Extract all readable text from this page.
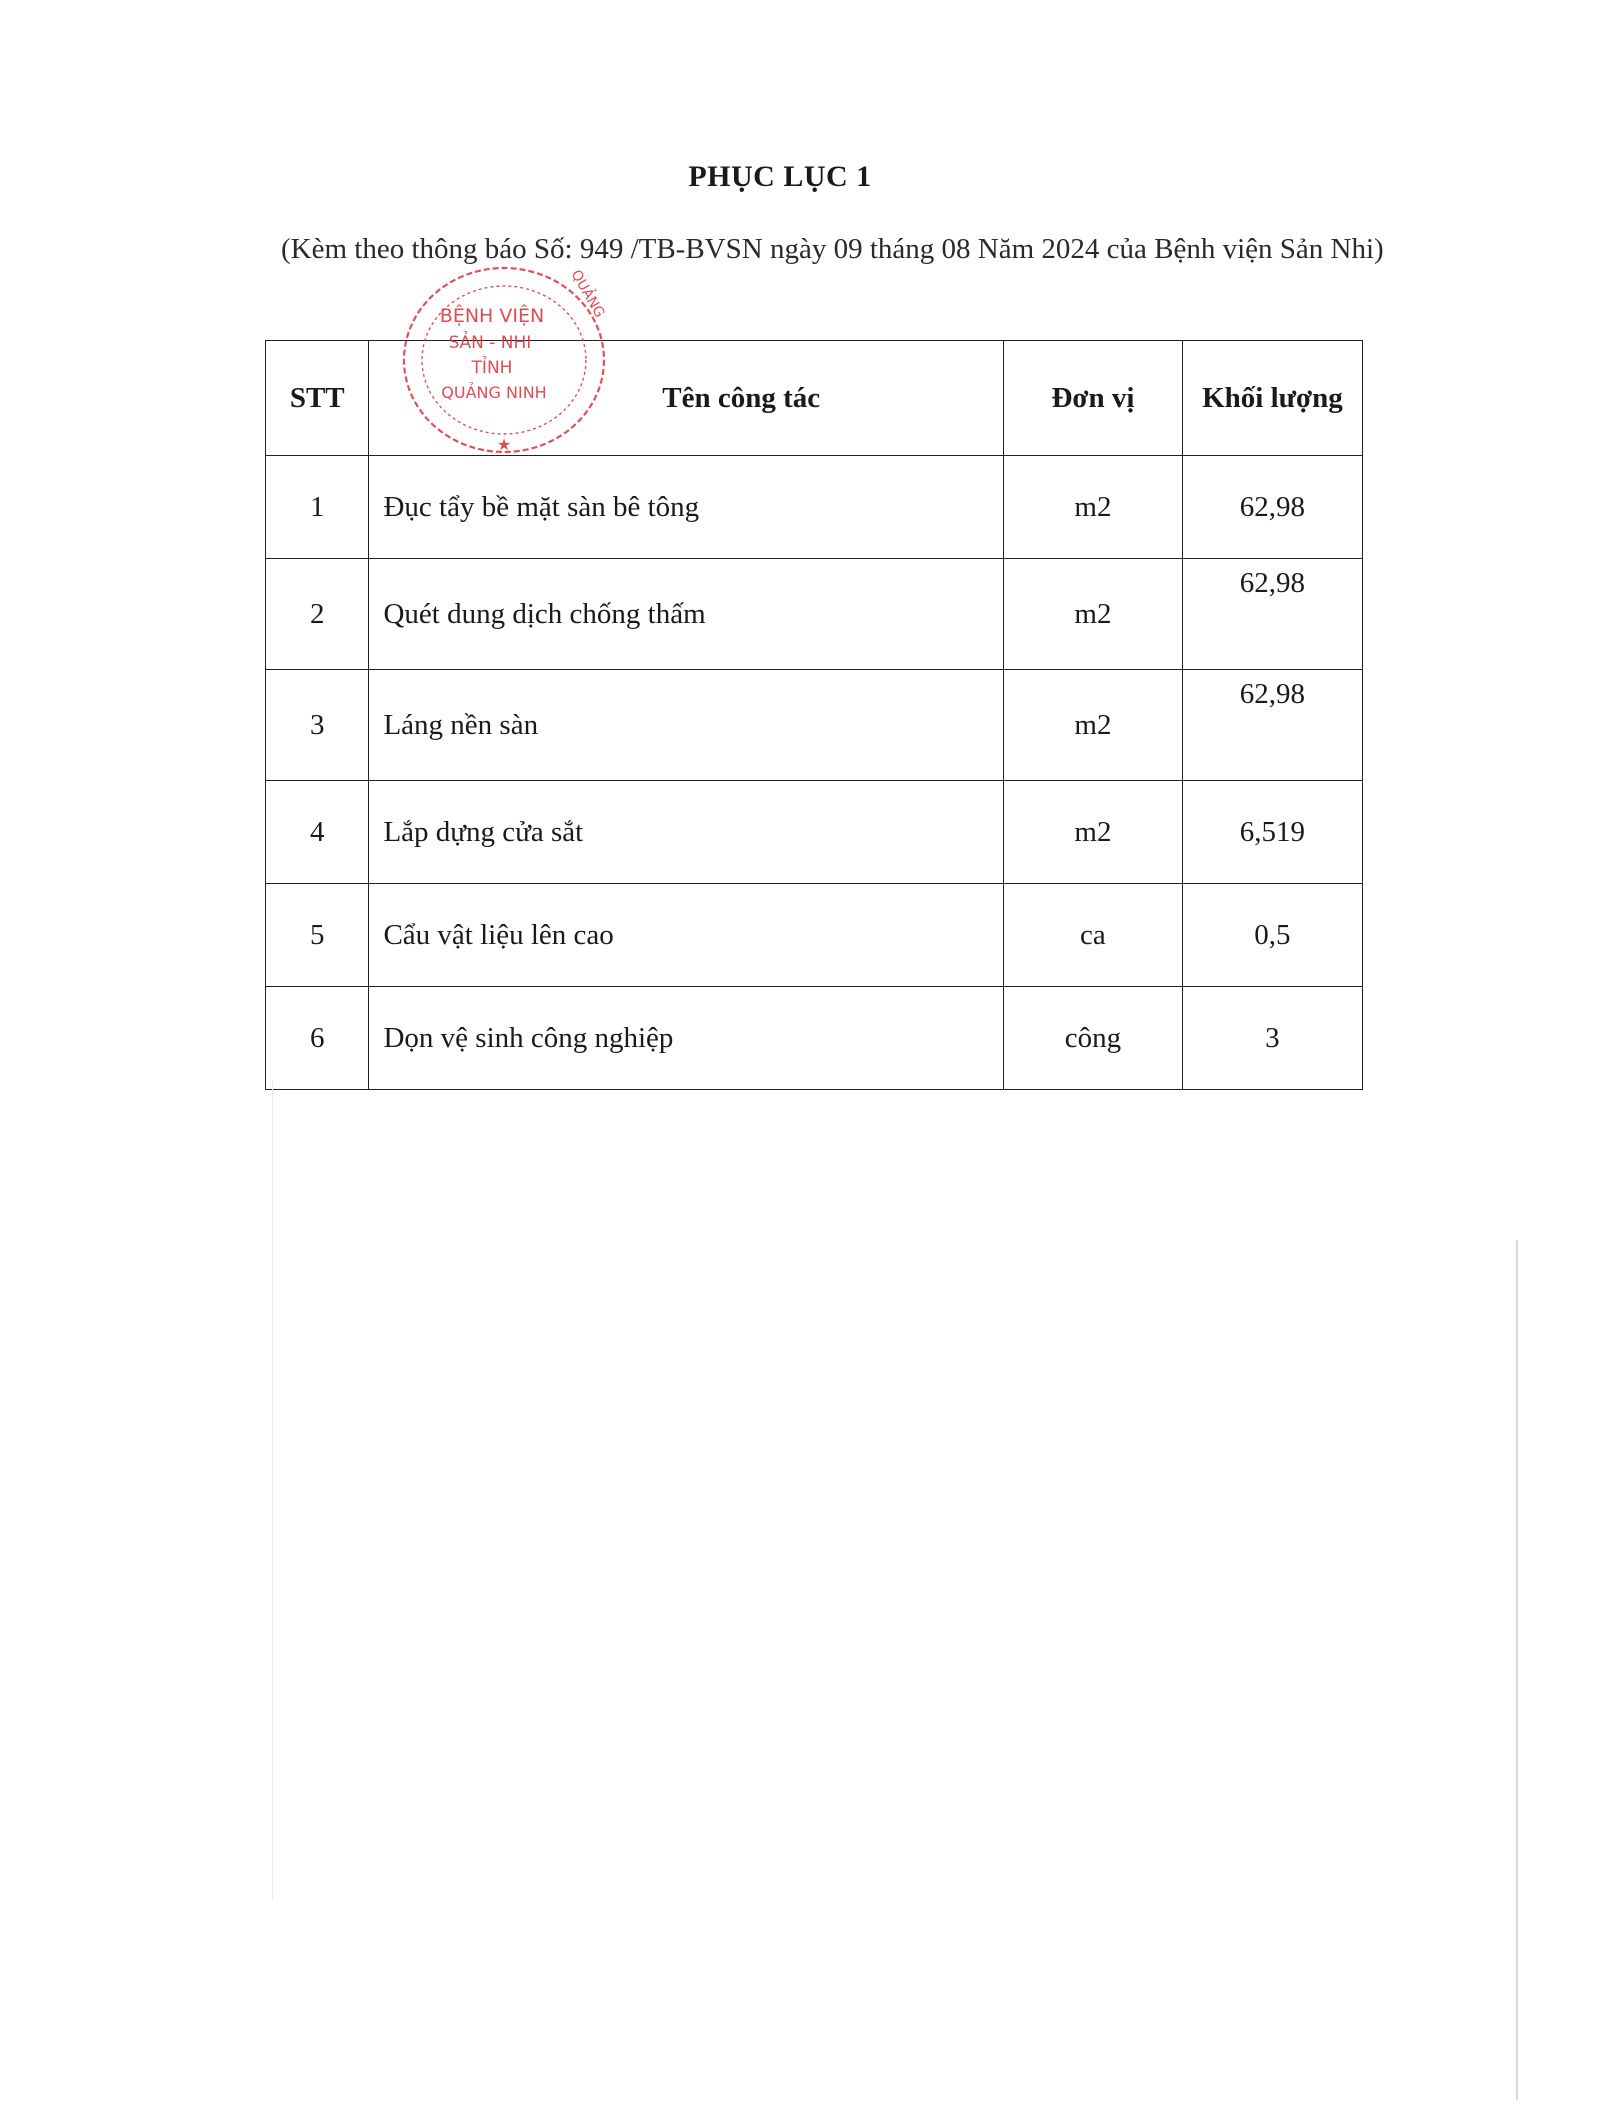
PHỤC LỤC 1
(Kèm theo thông báo Số: 949 /TB-BVSN ngày 09 tháng 08 Năm 2024 của Bệnh viện Sản Nhi)
STT	Tên công tác	Đơn vị	Khối lượng
1	Đục tẩy bề mặt sàn bê tông	m2	62,98
2	Quét dung dịch chống thấm	m2	62,98
3	Láng nền sàn	m2	62,98
4	Lắp dựng cửa sắt	m2	6,519
5	Cẩu vật liệu lên cao	ca	0,5
6	Dọn vệ sinh công nghiệp	công	3
BỆNH VIỆN
SẢN - NHI
TỈNH
QUẢNG NINH
QUẢNG
★
